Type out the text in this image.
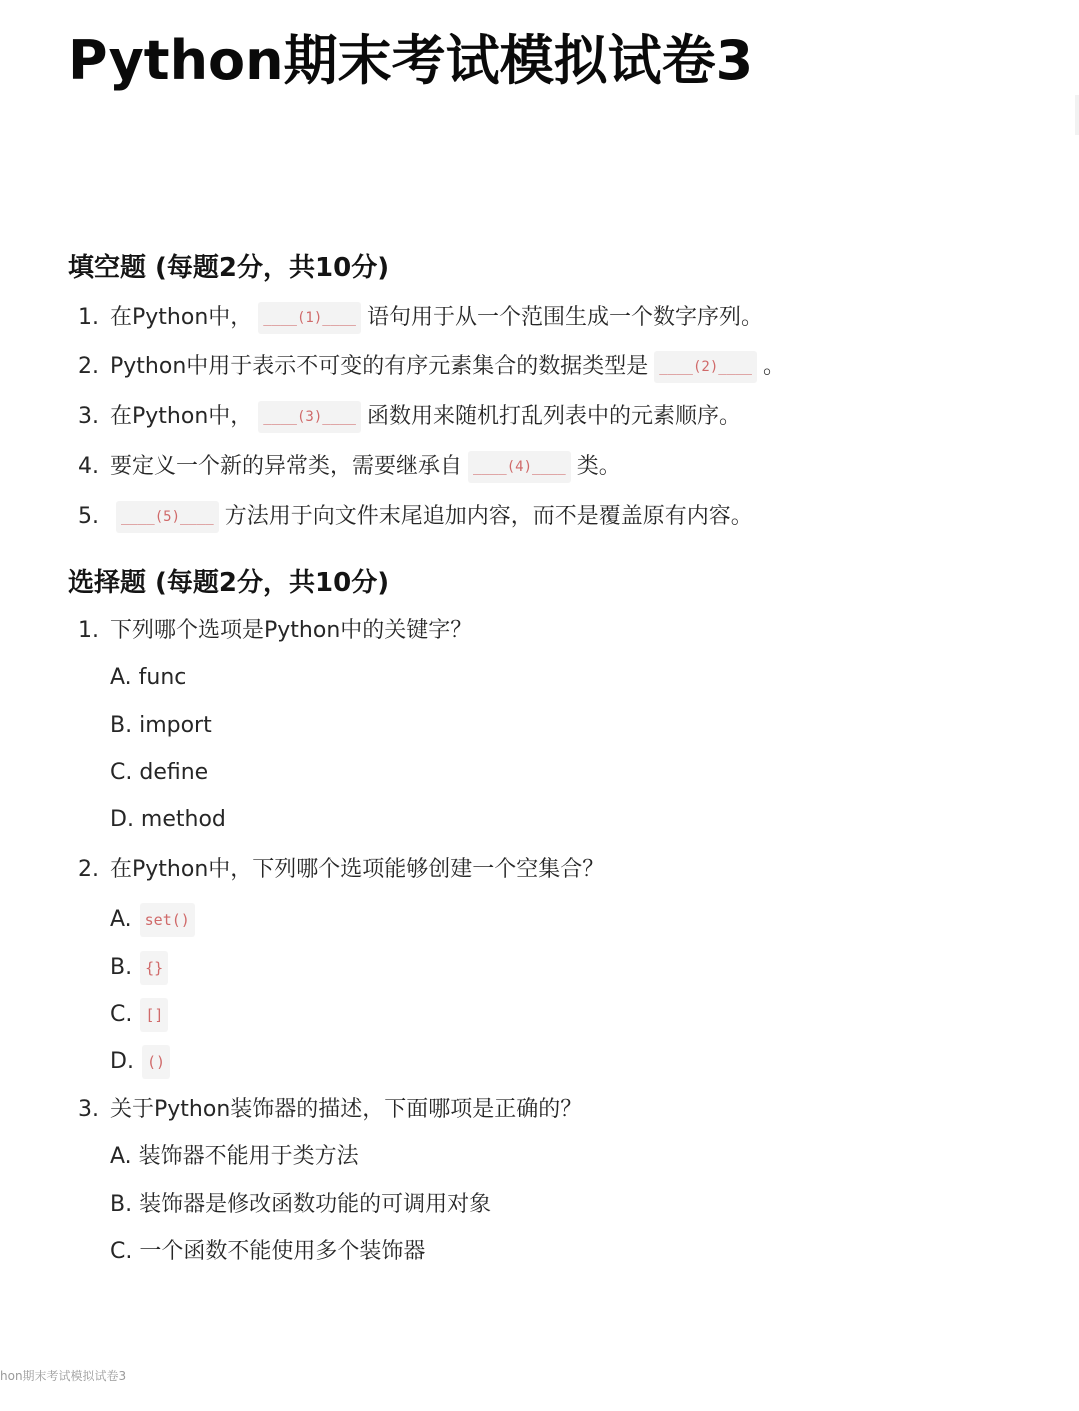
Python期末考试模拟试卷3
填空题 (每题2分，共10分)
1. 在Python中， ____(1)____ 语句用于从一个范围生成一个数字序列。
2. Python中用于表示不可变的有序元素集合的数据类型是 ____(2)____ 。
3. 在Python中， ____(3)____ 函数用来随机打乱列表中的元素顺序。
4. 要定义一个新的异常类，需要继承自 ____(4)____ 类。
5. ____(5)____ 方法用于向文件末尾追加内容，而不是覆盖原有内容。
选择题 (每题2分，共10分)
1. 下列哪个选项是Python中的关键字？
A. func
B. import
C. define
D. method
2. 在Python中，下列哪个选项能够创建一个空集合？
A. set()
B. {}
C. []
D. ()
3. 关于Python装饰器的描述，下面哪项是正确的？
A. 装饰器不能用于类方法
B. 装饰器是修改函数功能的可调用对象
C. 一个函数不能使用多个装饰器
hon期末考试模拟试卷3
